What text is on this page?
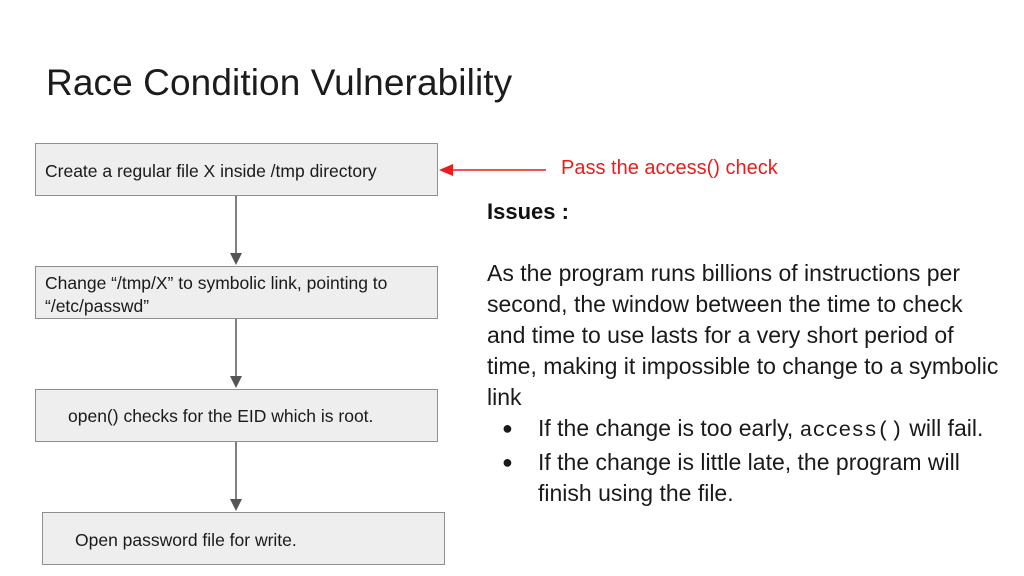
Race Condition Vulnerability
Create a regular file X inside /tmp directory
Change “/tmp/X” to symbolic link, pointing to “/etc/passwd”
open() checks for the EID which is root.
Open password file for write.
Pass the access() check
Issues :

As the program runs billions of instructions per second, the window between the time to check and time to use lasts for a very short period of time, making it impossible to change to a symbolic link

● If the change is too early, access() will fail.
● If the change is little late, the program will finish using the file.
